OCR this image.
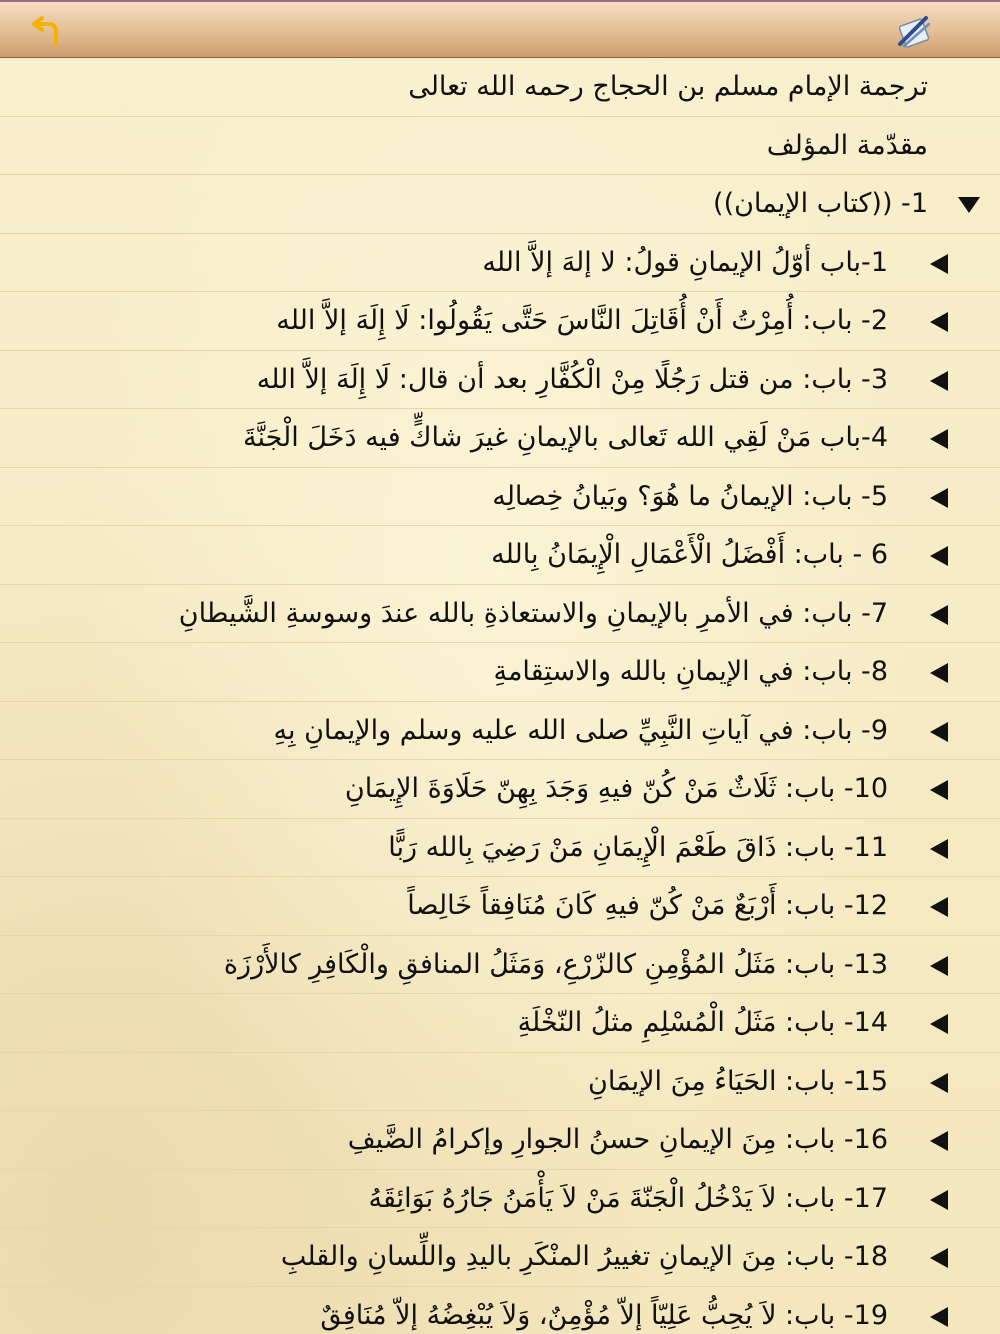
ترجمة الإمام مسلم بن الحجاج رحمه الله تعالى
مقدّمة المؤلف
1- ((كتاب الإيمان))
1-باب أوّلُ الإيمانِ قولُ: لا إلهَ إلاَّ الله
2- باب: أُمِرْتُ أَنْ أُقَاتِلَ النَّاسَ حَتَّى يَقُولُوا: لَا إِلَهَ إلاَّ الله
3- باب: من قتل رَجُلًا مِنْ الْكُفَّارِ بعد أن قال: لَا إِلَهَ إلاَّ الله
4-باب مَنْ لَقِي الله تَعالى بالإيمانِ غيرَ شاكٍّ فيه دَخَلَ الْجَنَّةَ
5- باب: الإيمانُ ما هُوَ؟ وبَيانُ خِصالِه
6 - باب: أَفْضَلُ الْأَعْمَالِ الْإِيمَانُ بِالله
7- باب: في الأمرِ بالإيمانِ والاستعاذةِ بالله عندَ وسوسةِ الشَّيطانِ
8- باب: في الإيمانِ بالله والاستِقامةِ
9- باب: في آياتِ النَّبِيِّ صلى الله عليه وسلم والإيمانِ بِهِ
10- باب: ثَلَاثٌ مَنْ كُنّ فيهِ وَجَدَ بِهِنّ حَلَاوَةَ الإِيمَانِ
11- باب: ذَاقَ طَعْمَ الْإِيمَانِ مَنْ رَضِيَ بِالله رَبًّا
12- باب: أَرْبَعٌ مَنْ كُنّ فيهِ كَانَ مُنَافِقاً خَالِصاً
13- باب: مَثَلُ المُؤْمِنِ كالزّرْعِ، وَمَثَلُ المنافقِ والْكَافِرِ كالأَرْزَة
14- باب: مَثَلُ الْمُسْلِمِ مثلُ النّخْلَةِ
15- باب: الحَيَاءُ مِنَ الإيمَانِ
16- باب: مِنَ الإيمانِ حسنُ الجوارِ وإكرامُ الضَّيفِ
17- باب: لاَ يَدْخُلُ الْجَنّةَ مَنْ لاَ يَأْمَنُ جَارُهُ بَوَائِقَهُ
18- باب: مِنَ الإيمانِ تغييرُ المنْكَرِ باليدِ واللِّسانِ والقلبِ
19- باب: لاَ يُحِبُّ عَلِيّاً إلاّ مُؤْمِنٌ، وَلاَ يُبْغِضُهُ إلاّ مُنَافِقٌ
